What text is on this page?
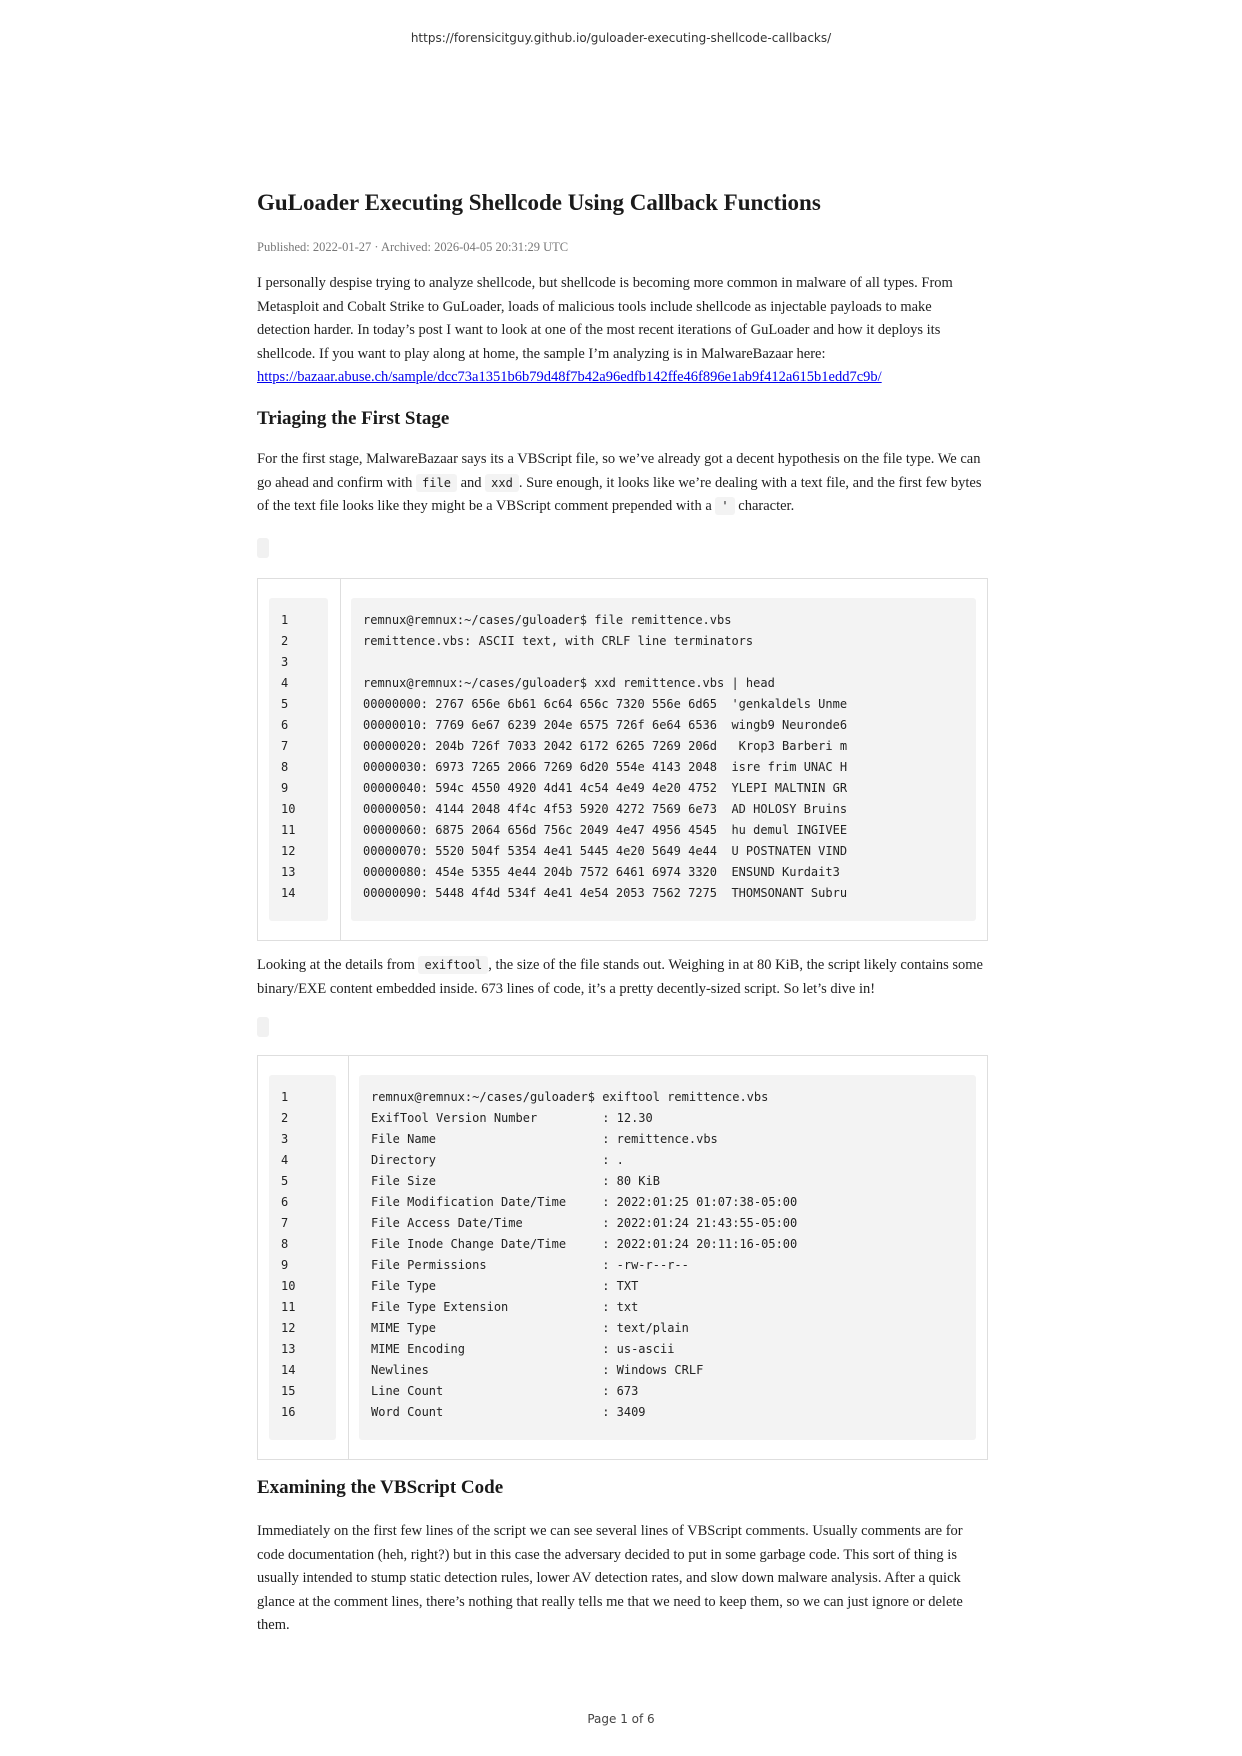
https://forensicitguy.github.io/guloader-executing-shellcode-callbacks/
GuLoader Executing Shellcode Using Callback Functions
Published: 2022-01-27 · Archived: 2026-04-05 20:31:29 UTC

I personally despise trying to analyze shellcode, but shellcode is becoming more common in malware of all types. From Metasploit and Cobalt Strike to GuLoader, loads of malicious tools include shellcode as injectable payloads to make detection harder. In today’s post I want to look at one of the most recent iterations of GuLoader and how it deploys its shellcode. If you want to play along at home, the sample I’m analyzing is in MalwareBazaar here: https://bazaar.abuse.ch/sample/dcc73a1351b6b79d48f7b42a96edfb142ffe46f896e1ab9f412a615b1edd7c9b/

Triaging the First Stage

For the first stage, MalwareBazaar says its a VBScript file, so we’ve already got a decent hypothesis on the file type. We can go ahead and confirm with file and xxd . Sure enough, it looks like we’re dealing with a text file, and the first few bytes of the text file looks like they might be a VBScript comment prepended with a ' character.

1
2
3
4
5
6
7
8
9
10
11
12
13
14
remnux@remnux:~/cases/guloader$ file remittence.vbs
remittence.vbs: ASCII text, with CRLF line terminators
remnux@remnux:~/cases/guloader$ xxd remittence.vbs | head
00000000: 2767 656e 6b61 6c64 656c 7320 556e 6d65  'genkaldels Unme
00000010: 7769 6e67 6239 204e 6575 726f 6e64 6536  wingb9 Neuronde6
00000020: 204b 726f 7033 2042 6172 6265 7269 206d   Krop3 Barberi m
00000030: 6973 7265 2066 7269 6d20 554e 4143 2048  isre frim UNAC H
00000040: 594c 4550 4920 4d41 4c54 4e49 4e20 4752  YLEPI MALTNIN GR
00000050: 4144 2048 4f4c 4f53 5920 4272 7569 6e73  AD HOLOSY Bruins
00000060: 6875 2064 656d 756c 2049 4e47 4956 4545  hu demul INGIVEE
00000070: 5520 504f 5354 4e41 5445 4e20 5649 4e44  U POSTNATEN VIND
00000080: 454e 5355 4e44 204b 7572 6461 6974 3320  ENSUND Kurdait3
00000090: 5448 4f4d 534f 4e41 4e54 2053 7562 7275  THOMSONANT Subru

Looking at the details from exiftool , the size of the file stands out. Weighing in at 80 KiB, the script likely contains some binary/EXE content embedded inside. 673 lines of code, it’s a pretty decently-sized script. So let’s dive in!

1
2
3
4
5
6
7
8
9
10
11
12
13
14
15
16
remnux@remnux:~/cases/guloader$ exiftool remittence.vbs
ExifTool Version Number         : 12.30
File Name                       : remittence.vbs
Directory                       : .
File Size                       : 80 KiB
File Modification Date/Time     : 2022:01:25 01:07:38-05:00
File Access Date/Time           : 2022:01:24 21:43:55-05:00
File Inode Change Date/Time     : 2022:01:24 20:11:16-05:00
File Permissions                : -rw-r--r--
File Type                       : TXT
File Type Extension             : txt
MIME Type                       : text/plain
MIME Encoding                   : us-ascii
Newlines                        : Windows CRLF
Line Count                      : 673
Word Count                      : 3409
Examining the VBScript Code

Immediately on the first few lines of the script we can see several lines of VBScript comments. Usually comments are for code documentation (heh, right?) but in this case the adversary decided to put in some garbage code. This sort of thing is usually intended to stump static detection rules, lower AV detection rates, and slow down malware analysis. After a quick glance at the comment lines, there’s nothing that really tells me that we need to keep them, so we can just ignore or delete them.

Page 1 of 6
